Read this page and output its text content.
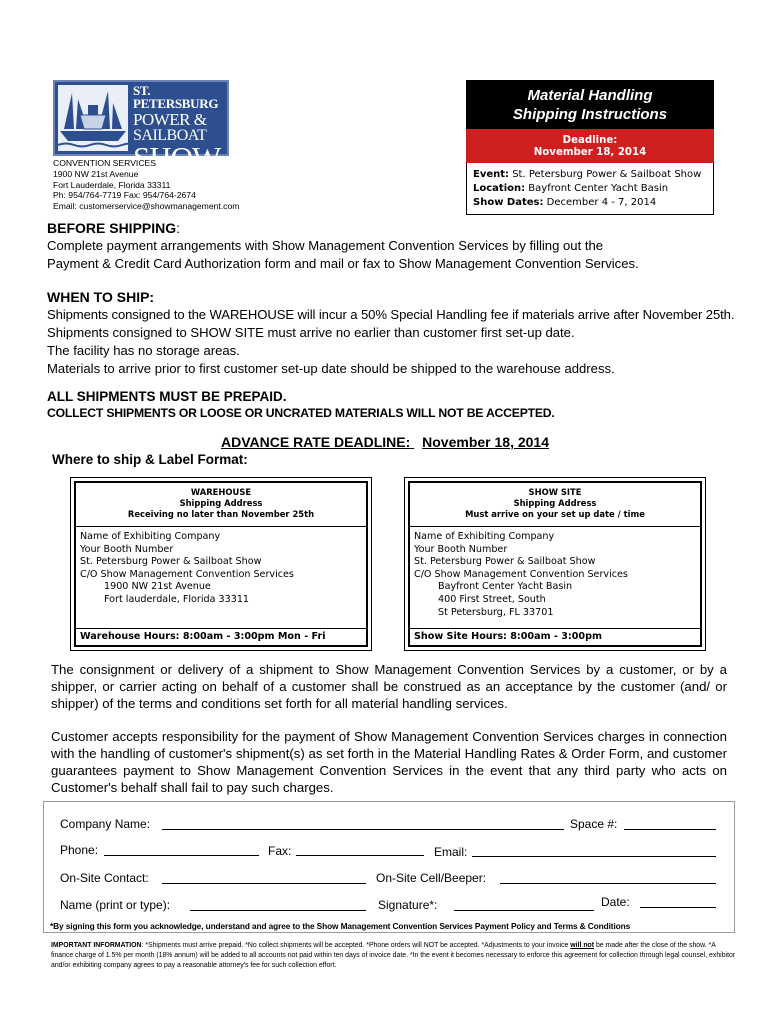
ST. PETERSBURG
POWER &
SAILBOAT
SHOW
CONVENTION SERVICES
1900 NW 21st Avenue
Fort Lauderdale, Florida 33311
Ph: 954/764-7719 Fax: 954/764-2674
Email: customerservice@showmanagement.com
Material Handling
Shipping Instructions
Deadline:
November 18, 2014
Event: St. Petersburg Power & Sailboat Show
Location: Bayfront Center Yacht Basin
Show Dates: December 4 - 7, 2014
BEFORE SHIPPING:

Complete payment arrangements with Show Management Convention Services by filling out the

Payment & Credit Card Authorization form and mail or fax to Show Management Convention Services.

WHEN TO SHIP:

Shipments consigned to the WAREHOUSE will incur a 50% Special Handling fee if materials arrive after November 25th.

Shipments consigned to SHOW SITE must arrive no earlier than customer first set-up date.

The facility has no storage areas.

Materials to arrive prior to first customer set-up date should be shipped to the warehouse address.

ALL SHIPMENTS MUST BE PREPAID.
COLLECT SHIPMENTS OR LOOSE OR UNCRATED MATERIALS WILL NOT BE ACCEPTED.
ADVANCE RATE DEADLINE: November 18, 2014
Where to ship & Label Format:
WAREHOUSE
Shipping Address
Receiving no later than November 25th
Name of Exhibiting Company
Your Booth Number
St. Petersburg Power & Sailboat Show
C/O Show Management Convention Services
1900 NW 21st Avenue
Fort lauderdale, Florida 33311
Warehouse Hours: 8:00am - 3:00pm Mon - Fri
SHOW SITE
Shipping Address
Must arrive on your set up date / time
Name of Exhibiting Company
Your Booth Number
St. Petersburg Power & Sailboat Show
C/O Show Management Convention Services
Bayfront Center Yacht Basin
400 First Street, South
St Petersburg, FL 33701
Show Site Hours: 8:00am - 3:00pm

The consignment or delivery of a shipment to Show Management Convention Services by a customer, or by a shipper, or carrier acting on behalf of a customer shall be construed as an acceptance by the customer (and/ or shipper) of the terms and conditions set forth for all material handling services.

Customer accepts responsibility for the payment of Show Management Convention Services charges in connection with the handling of customer's shipment(s) as set forth in the Material Handling Rates & Order Form, and customer guarantees payment to Show Management Convention Services in the event that any third party who acts on Customer's behalf shall fail to pay such charges.

Company Name:	Space #:
Phone:	Fax:	Email:
On-Site Contact:	On-Site Cell/Beeper:
Name (print or type):	Signature*:	Date:
*By signing this form you acknowledge, understand and agree to the Show Management Convention Services Payment Policy and Terms & Conditions
IMPORTANT INFORMATION: *Shipments must arrive prepaid. *No collect shipments will be accepted. *Phone orders will NOT be accepted. *Adjustments to your invoice will not be made after the close of the show. *A finance charge of 1.5% per month (18% annum) will be added to all accounts not paid within ten days of invoice date. *In the event it becomes necessary to enforce this agreement for collection through legal counsel, exhibitor and/or exhibiting company agrees to pay a reasonable attorney's fee for such collection effort.
